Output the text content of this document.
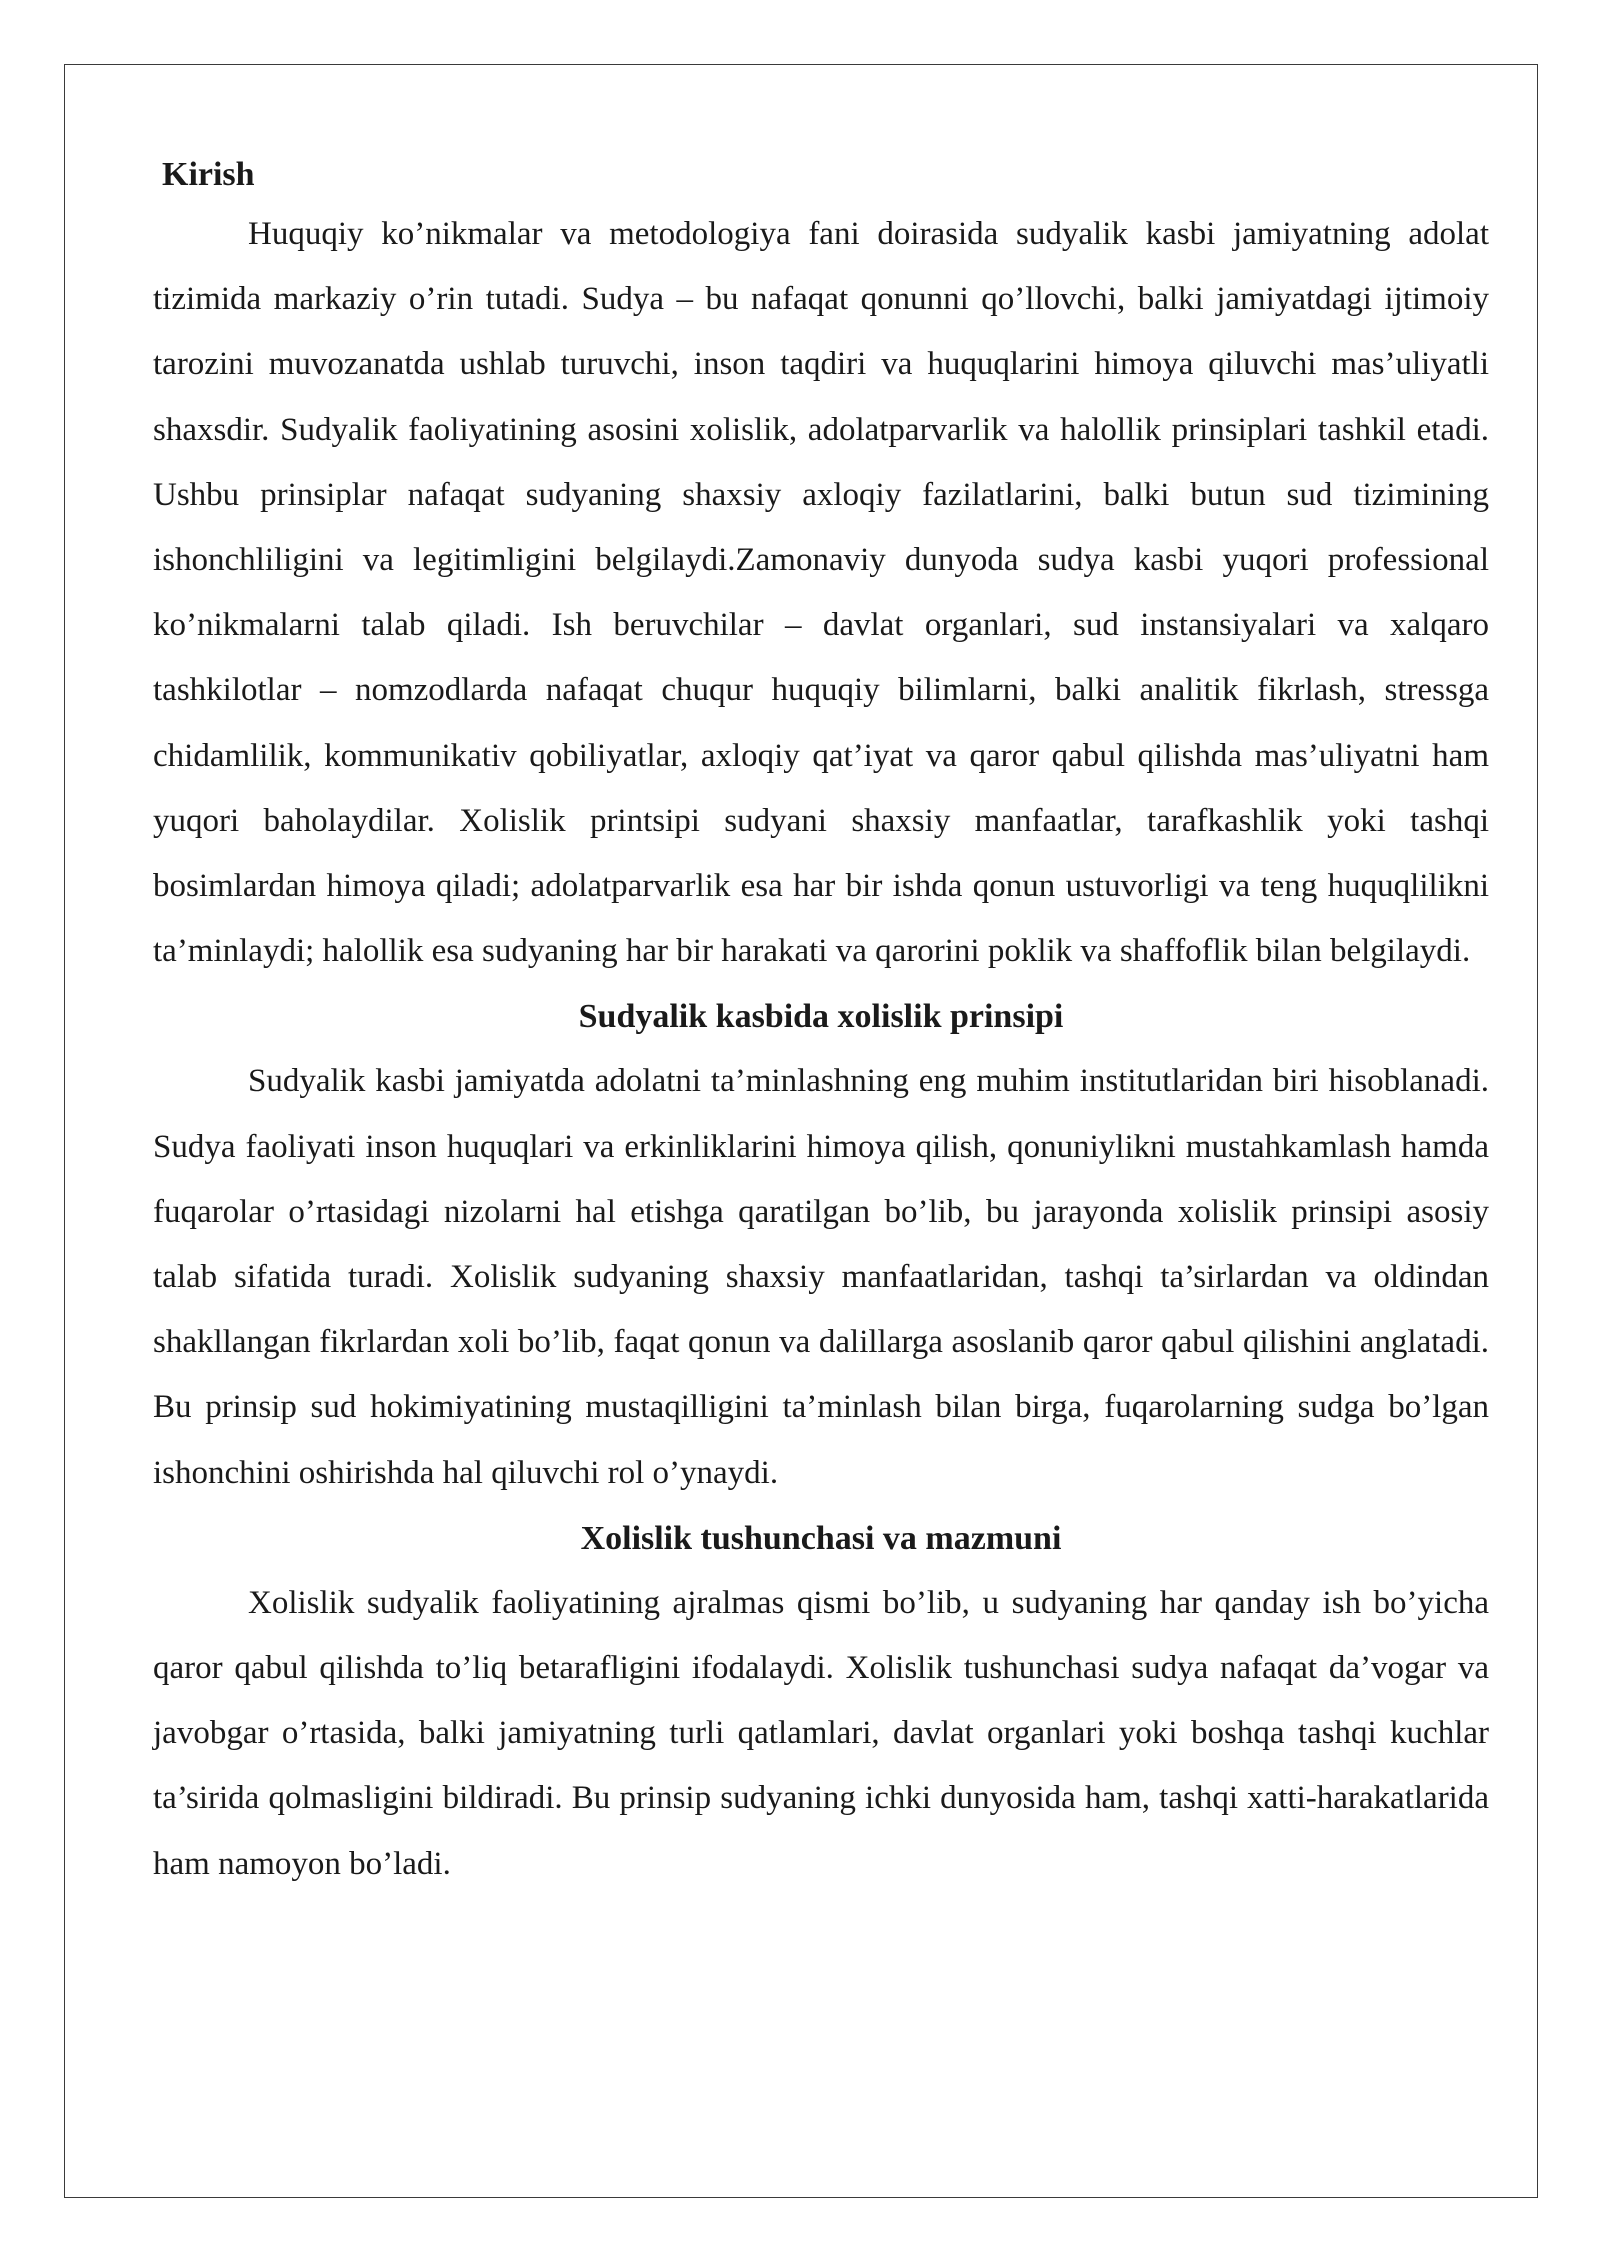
Kirish

Huquqiy ko’nikmalar va metodologiya fani doirasida sudyalik kasbi jamiyatning adolat tizimida markaziy o’rin tutadi. Sudya – bu nafaqat qonunni qo’llovchi, balki jamiyatdagi ijtimoiy tarozini muvozanatda ushlab turuvchi, inson taqdiri va huquqlarini himoya qiluvchi mas’uliyatli shaxsdir. Sudyalik faoliyatining asosini xolislik, adolatparvarlik va halollik prinsiplari tashkil etadi. Ushbu prinsiplar nafaqat sudyaning shaxsiy axloqiy fazilatlarini, balki butun sud tizimining ishonchliligini va legitimligini belgilaydi.Zamonaviy dunyoda sudya kasbi yuqori professional ko’nikmalarni talab qiladi. Ish beruvchilar – davlat organlari, sud instansiyalari va xalqaro tashkilotlar – nomzodlarda nafaqat chuqur huquqiy bilimlarni, balki analitik fikrlash, stressga chidamlilik, kommunikativ qobiliyatlar, axloqiy qat’iyat va qaror qabul qilishda mas’uliyatni ham yuqori baholaydilar. Xolislik printsipi sudyani shaxsiy manfaatlar, tarafkashlik yoki tashqi bosimlardan himoya qiladi; adolatparvarlik esa har bir ishda qonun ustuvorligi va teng huquqlilikni ta’minlaydi; halollik esa sudyaning har bir harakati va qarorini poklik va shaffoflik bilan belgilaydi.

Sudyalik kasbida xolislik prinsipi

Sudyalik kasbi jamiyatda adolatni ta’minlashning eng muhim institutlaridan biri hisoblanadi. Sudya faoliyati inson huquqlari va erkinliklarini himoya qilish, qonuniylikni mustahkamlash hamda fuqarolar o’rtasidagi nizolarni hal etishga qaratilgan bo’lib, bu jarayonda xolislik prinsipi asosiy talab sifatida turadi. Xolislik sudyaning shaxsiy manfaatlaridan, tashqi ta’sirlardan va oldindan shakllangan fikrlardan xoli bo’lib, faqat qonun va dalillarga asoslanib qaror qabul qilishini anglatadi. Bu prinsip sud hokimiyatining mustaqilligini ta’minlash bilan birga, fuqarolarning sudga bo’lgan ishonchini oshirishda hal qiluvchi rol o’ynaydi.

Xolislik tushunchasi va mazmuni

Xolislik sudyalik faoliyatining ajralmas qismi bo’lib, u sudyaning har qanday ish bo’yicha qaror qabul qilishda to’liq betarafligini ifodalaydi. Xolislik tushunchasi sudya nafaqat da’vogar va javobgar o’rtasida, balki jamiyatning turli qatlamlari, davlat organlari yoki boshqa tashqi kuchlar ta’sirida qolmasligini bildiradi. Bu prinsip sudyaning ichki dunyosida ham, tashqi xatti-harakatlarida ham namoyon bo’ladi.
